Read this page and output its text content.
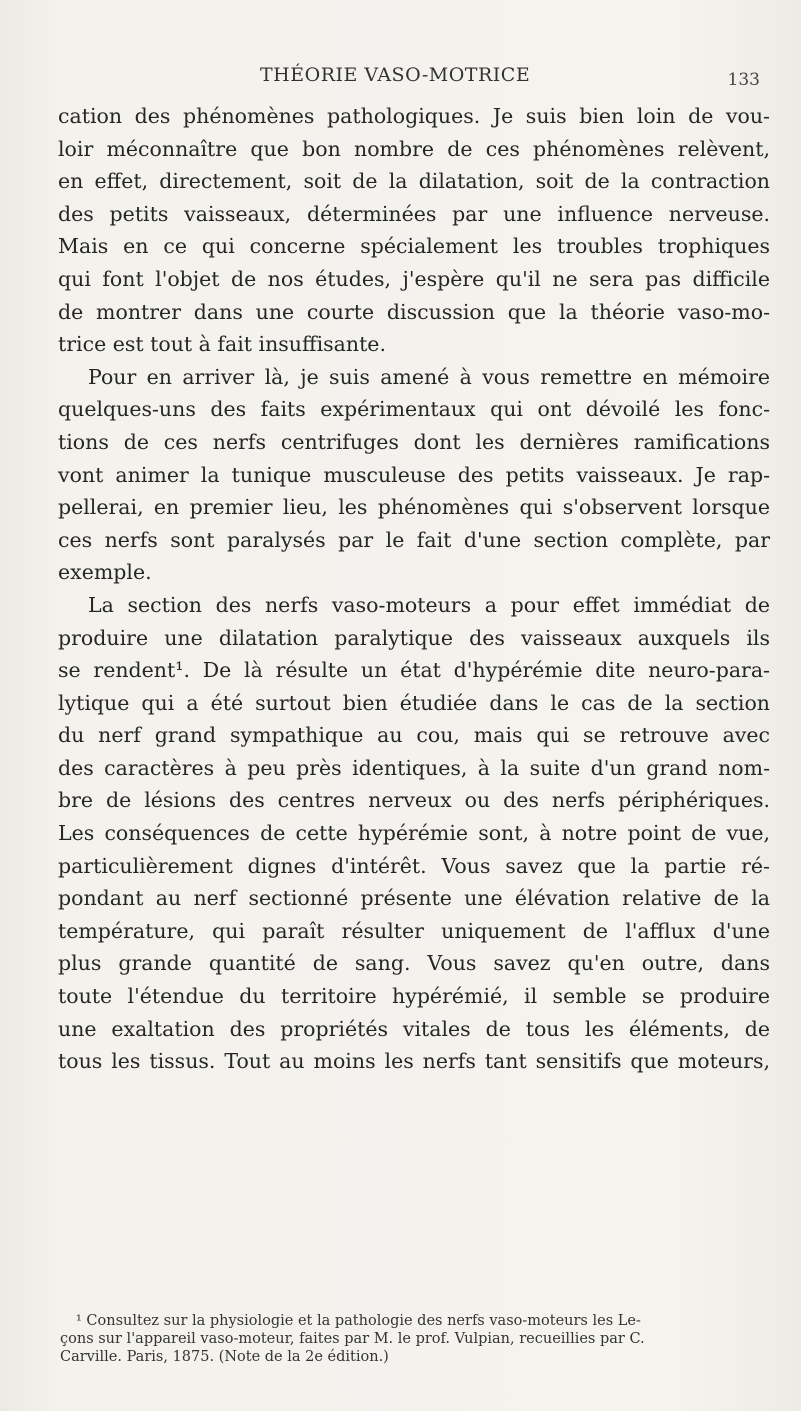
THÉORIE VASO-MOTRICE	133
cation des phénomènes pathologiques. Je suis bien loin de vou-
loir méconnaître que bon nombre de ces phénomènes relèvent,
en effet, directement, soit de la dilatation, soit de la contraction
des petits vaisseaux, déterminées par une influence nerveuse.
Mais en ce qui concerne spécialement les troubles trophiques
qui font l'objet de nos études, j'espère qu'il ne sera pas difficile
de montrer dans une courte discussion que la théorie vaso-mo-
trice est tout à fait insuffisante.
Pour en arriver là, je suis amené à vous remettre en mémoire
quelques-uns des faits expérimentaux qui ont dévoilé les fonc-
tions de ces nerfs centrifuges dont les dernières ramifications
vont animer la tunique musculeuse des petits vaisseaux. Je rap-
pellerai, en premier lieu, les phénomènes qui s'observent lorsque
ces nerfs sont paralysés par le fait d'une section complète, par
exemple.
La section des nerfs vaso-moteurs a pour effet immédiat de
produire une dilatation paralytique des vaisseaux auxquels ils
se rendent¹. De là résulte un état d'hypérémie dite neuro-para-
lytique qui a été surtout bien étudiée dans le cas de la section
du nerf grand sympathique au cou, mais qui se retrouve avec
des caractères à peu près identiques, à la suite d'un grand nom-
bre de lésions des centres nerveux ou des nerfs périphériques.
Les conséquences de cette hypérémie sont, à notre point de vue,
particulièrement dignes d'intérêt. Vous savez que la partie ré-
pondant au nerf sectionné présente une élévation relative de la
température, qui paraît résulter uniquement de l'afflux d'une
plus grande quantité de sang. Vous savez qu'en outre, dans
toute l'étendue du territoire hypérémié, il semble se produire
une exaltation des propriétés vitales de tous les éléments, de
tous les tissus. Tout au moins les nerfs tant sensitifs que moteurs,
¹ Consultez sur la physiologie et la pathologie des nerfs vaso-moteurs les Le-
çons sur l'appareil vaso-moteur, faites par M. le prof. Vulpian, recueillies par C.
Carville. Paris, 1875. (Note de la 2e édition.)
